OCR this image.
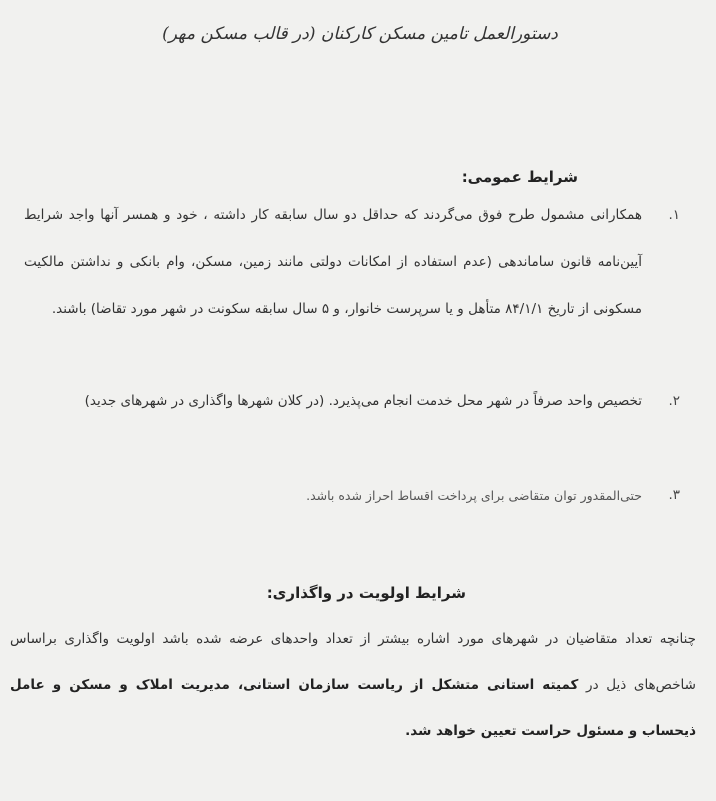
دستورالعمل تامین مسکن کارکنان (در قالب مسکن مهر)
شرایط عمومی:
۱.
همکارانی مشمول طرح فوق می‌گردند که حداقل دو سال سابقه کار داشته ، خود و همسر آنها واجد شرایط آیین‌نامه قانون ساماندهی (عدم استفاده از امکانات دولتی مانند زمین، مسکن، وام بانکی و نداشتن مالکیت مسکونی از تاریخ ۸۴/۱/۱ متأهل و یا سرپرست خانوار، و ۵ سال سابقه سکونت در شهر مورد تقاضا) باشند.
۲.
تخصیص واحد صرفاً در شهر محل خدمت انجام می‌پذیرد. (در کلان شهرها واگذاری در شهرهای جدید)
۳.
حتی‌المقدور توان متقاضی برای پرداخت اقساط احراز شده باشد.
شرایط اولویت در واگذاری:
چنانچه تعداد متقاضیان در شهرهای مورد اشاره بیشتر از تعداد واحدهای عرضه شده باشد اولویت واگذاری براساس شاخص‌های ذیل در کمیته استانی متشکل از ریاست سازمان استانی، مدیریت املاک و مسکن و عامل ذیحساب و مسئول حراست تعیین خواهد شد.
